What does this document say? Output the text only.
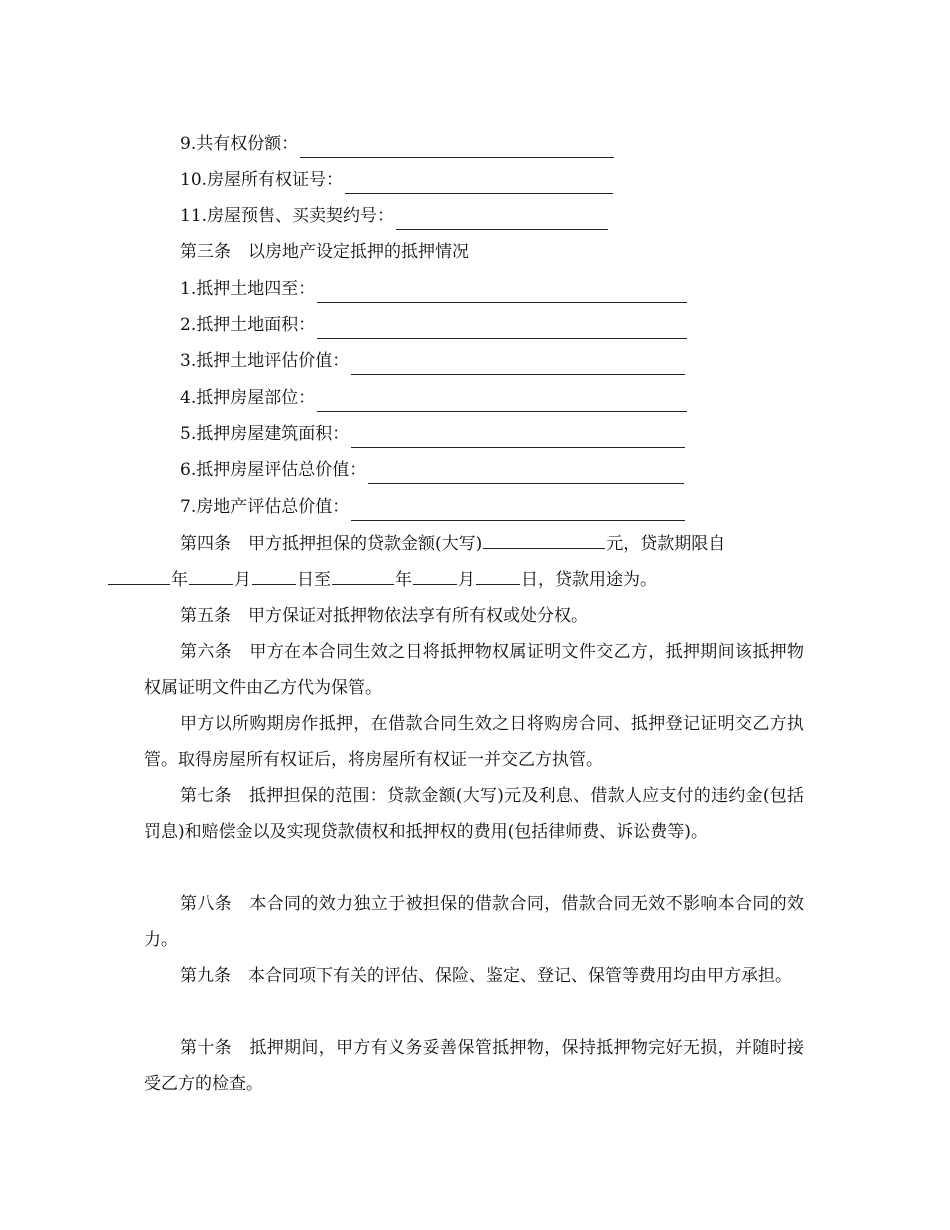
9.共有权份额：
10.房屋所有权证号：
11.房屋预售、买卖契约号：
第三条　以房地产设定抵押的抵押情况
1.抵押土地四至：
2.抵押土地面积：
3.抵押土地评估价值：
4.抵押房屋部位：
5.抵押房屋建筑面积：
6.抵押房屋评估总价值：
7.房地产评估总价值：
第四条　甲方抵押担保的贷款金额(大写)	元，贷款期限自
年	月	日至	年	月	日，贷款用途为。
第五条　甲方保证对抵押物依法享有所有权或处分权。
第六条　甲方在本合同生效之日将抵押物权属证明文件交乙方，抵押期间该抵押物权属证明文件由乙方代为保管。
甲方以所购期房作抵押，在借款合同生效之日将购房合同、抵押登记证明交乙方执管。取得房屋所有权证后，将房屋所有权证一并交乙方执管。
第七条　抵押担保的范围：贷款金额(大写)元及利息、借款人应支付的违约金(包括罚息)和赔偿金以及实现贷款债权和抵押权的费用(包括律师费、诉讼费等)。
第八条　本合同的效力独立于被担保的借款合同，借款合同无效不影响本合同的效力。
第九条　本合同项下有关的评估、保险、鉴定、登记、保管等费用均由甲方承担。
第十条　抵押期间，甲方有义务妥善保管抵押物，保持抵押物完好无损，并随时接受乙方的检查。
